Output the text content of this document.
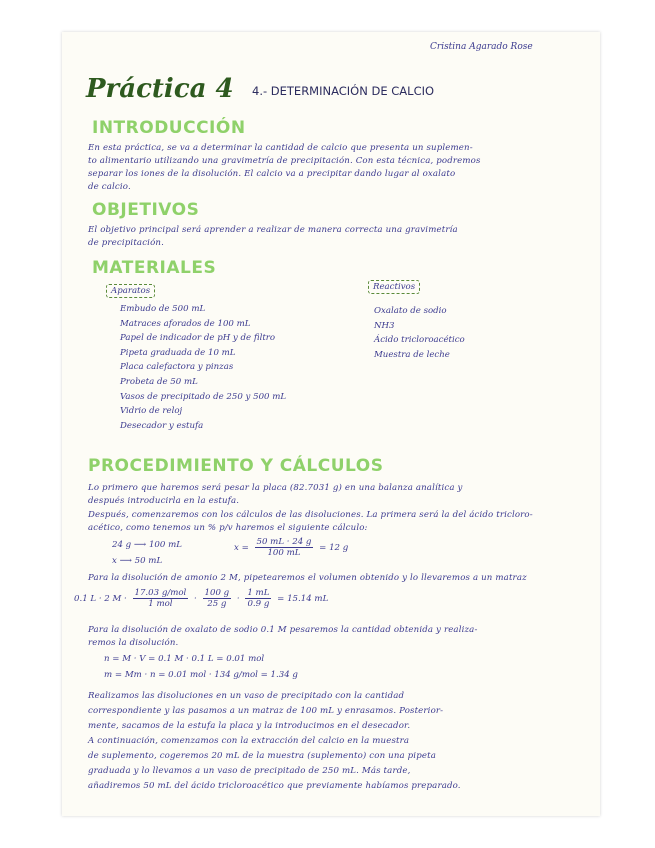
Cristina Agarado Rose
Práctica 4 4.- DETERMINACIÓN DE CALCIO
INTRODUCCIÓN
En esta práctica, se va a determinar la cantidad de calcio que presenta un suplemen-
to alimentario utilizando una gravimetría de precipitación. Con esta técnica, podremos
separar los iones de la disolución. El calcio va a precipitar dando lugar al oxalato
de calcio.
OBJETIVOS
El objetivo principal será aprender a realizar de manera correcta una gravimetría
de precipitación.
MATERIALES
Aparatos
Embudo de 500 mL
Matraces aforados de 100 mL
Papel de indicador de pH y de filtro
Pipeta graduada de 10 mL
Placa calefactora y pinzas
Probeta de 50 mL
Vasos de precipitado de 250 y 500 mL
Vidrio de reloj
Desecador y estufa
Reactivos
Oxalato de sodio
NH3
Ácido tricloroacético
Muestra de leche
PROCEDIMIENTO Y CÁLCULOS
Lo primero que haremos será pesar la placa (82.7031 g) en una balanza analítica y
después introducirla en la estufa.
Después, comenzaremos con los cálculos de las disoluciones. La primera será la del ácido tricloro-
acético, como tenemos un % p/v haremos el siguiente cálculo:
24 g ⟶ 100 mL
x ⟶ 50 mL
$x = \frac{50 mL \cdot 24 g}{100 mL} = 12$ g
Para la disolución de amonio 2 M, pipetearemos el volumen obtenido y lo llevaremos a un matraz
0.1 L · 2 $M \cdot \frac{\text{17.03 g/mol}}{\text{1 mol}} \cdot \frac{100 g}{25 g} \cdot \frac{1 mL}{0.9 g} = 15.14$ mL
Para la disolución de oxalato de sodio 0.1 M pesaremos la cantidad obtenida y realiza-
remos la disolución.
n = M · V = 0.1 M · 0.1 L = 0.01 mol
m = Mm · n = 0.01 mol · 134 g/mol = 1.34 g
Realizamos las disoluciones en un vaso de precipitado con la cantidad
correspondiente y las pasamos a un matraz de 100 mL y enrasamos. Posterior-
mente, sacamos de la estufa la placa y la introducimos en el desecador.
A continuación, comenzamos con la extracción del calcio en la muestra
de suplemento, cogeremos 20 mL de la muestra (suplemento) con una pipeta
graduada y lo llevamos a un vaso de precipitado de 250 mL. Más tarde,
añadiremos 50 mL del ácido tricloroacético que previamente habíamos preparado.
